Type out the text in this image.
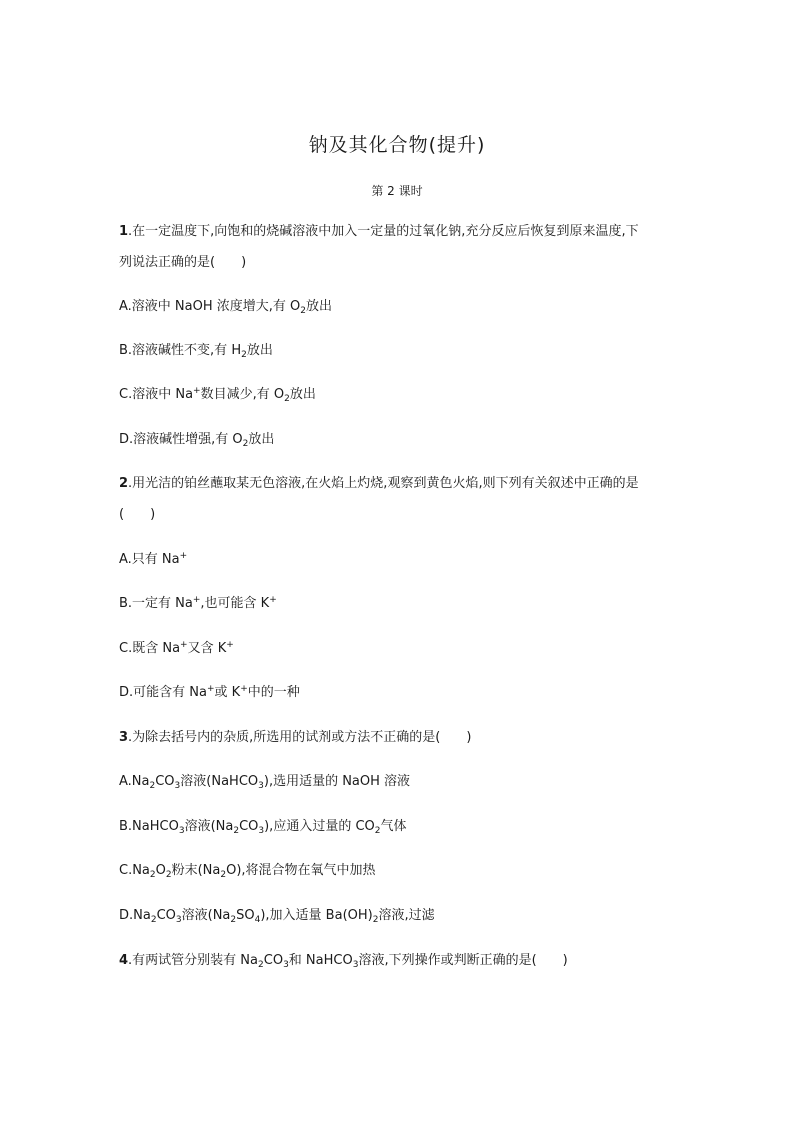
钠及其化合物(提升)
第 2 课时
1.在一定温度下,向饱和的烧碱溶液中加入一定量的过氧化钠,充分反应后恢复到原来温度,下
列说法正确的是(　　)
A.溶液中 NaOH 浓度增大,有 $O_2$放出
B.溶液碱性不变,有 $H_2$放出
C.溶液中 Na+数目减少,有 $O_2$放出
D.溶液碱性增强,有 $O_2$放出
2.用光洁的铂丝蘸取某无色溶液,在火焰上灼烧,观察到黄色火焰,则下列有关叙述中正确的是
(　　)
A.只有 Na+
B.一定有 Na+,也可能含 K+
C.既含 Na+又含 K+
D.可能含有 Na+或 K+中的一种
3.为除去括号内的杂质,所选用的试剂或方法不正确的是(　　)
$A.Na_2CO_3$溶液(NaHCO$_3$),选用适量的 NaOH 溶液
B.NaHCO$_3$溶液$(Na_2CO_3)$,应通入过量的 $CO_2$气体
$C.Na_2O_2$粉末$(Na_2O)$,将混合物在氧气中加热
$D.Na_2CO_3$溶液$(Na_2SO_4)$,加入适量 $Ba(OH)_2$溶液,过滤
4.有两试管分别装有 $Na_2CO_3$和 NaHCO$_3$溶液,下列操作或判断正确的是(　　)
